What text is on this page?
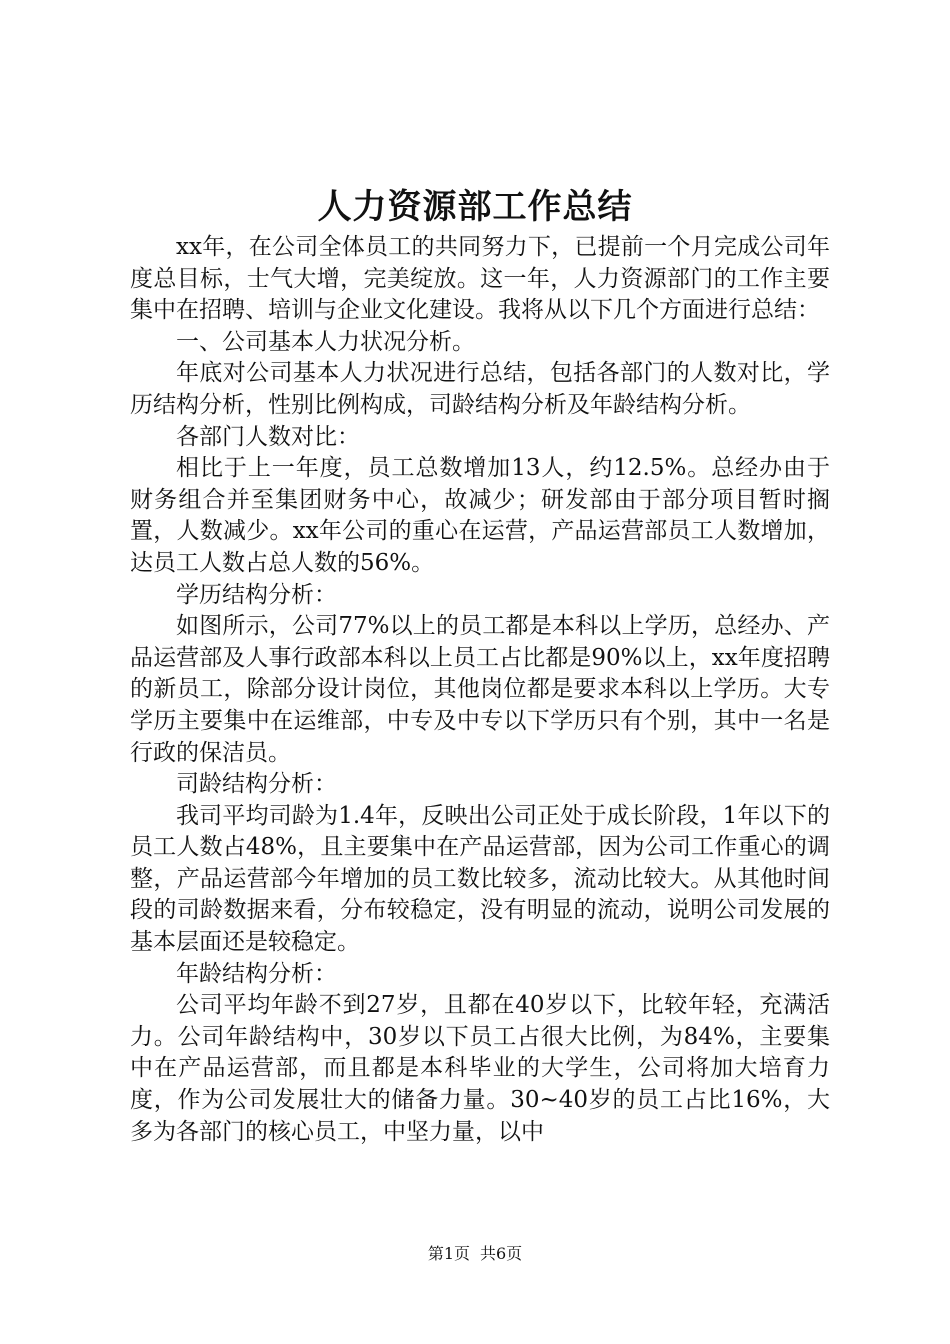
人力资源部工作总结

xx年，在公司全体员工的共同努力下，已提前一个月完成公司年度总目标，士气大增，完美绽放。这一年，人力资源部门的工作主要集中在招聘、培训与企业文化建设。我将从以下几个方面进行总结：

一、公司基本人力状况分析。

年底对公司基本人力状况进行总结，包括各部门的人数对比，学历结构分析，性别比例构成，司龄结构分析及年龄结构分析。

各部门人数对比：

相比于上一年度，员工总数增加13人，约12.5%。总经办由于财务组合并至集团财务中心，故减少；研发部由于部分项目暂时搁置，人数减少。xx年公司的重心在运营，产品运营部员工人数增加，达员工人数占总人数的56%。

学历结构分析：

如图所示，公司77%以上的员工都是本科以上学历，总经办、产品运营部及人事行政部本科以上员工占比都是90%以上，xx年度招聘的新员工，除部分设计岗位，其他岗位都是要求本科以上学历。大专学历主要集中在运维部，中专及中专以下学历只有个别，其中一名是行政的保洁员。

司龄结构分析：

我司平均司龄为1.4年，反映出公司正处于成长阶段，1年以下的员工人数占48%，且主要集中在产品运营部，因为公司工作重心的调整，产品运营部今年增加的员工数比较多，流动比较大。从其他时间段的司龄数据来看，分布较稳定，没有明显的流动，说明公司发展的基本层面还是较稳定。

年龄结构分析：

公司平均年龄不到27岁，且都在40岁以下，比较年轻，充满活力。公司年龄结构中，30岁以下员工占很大比例，为84%，主要集中在产品运营部，而且都是本科毕业的大学生，公司将加大培育力度，作为公司发展壮大的储备力量。30~40岁的员工占比16%，大多为各部门的核心员工，中坚力量，以中

第1页 共6页
